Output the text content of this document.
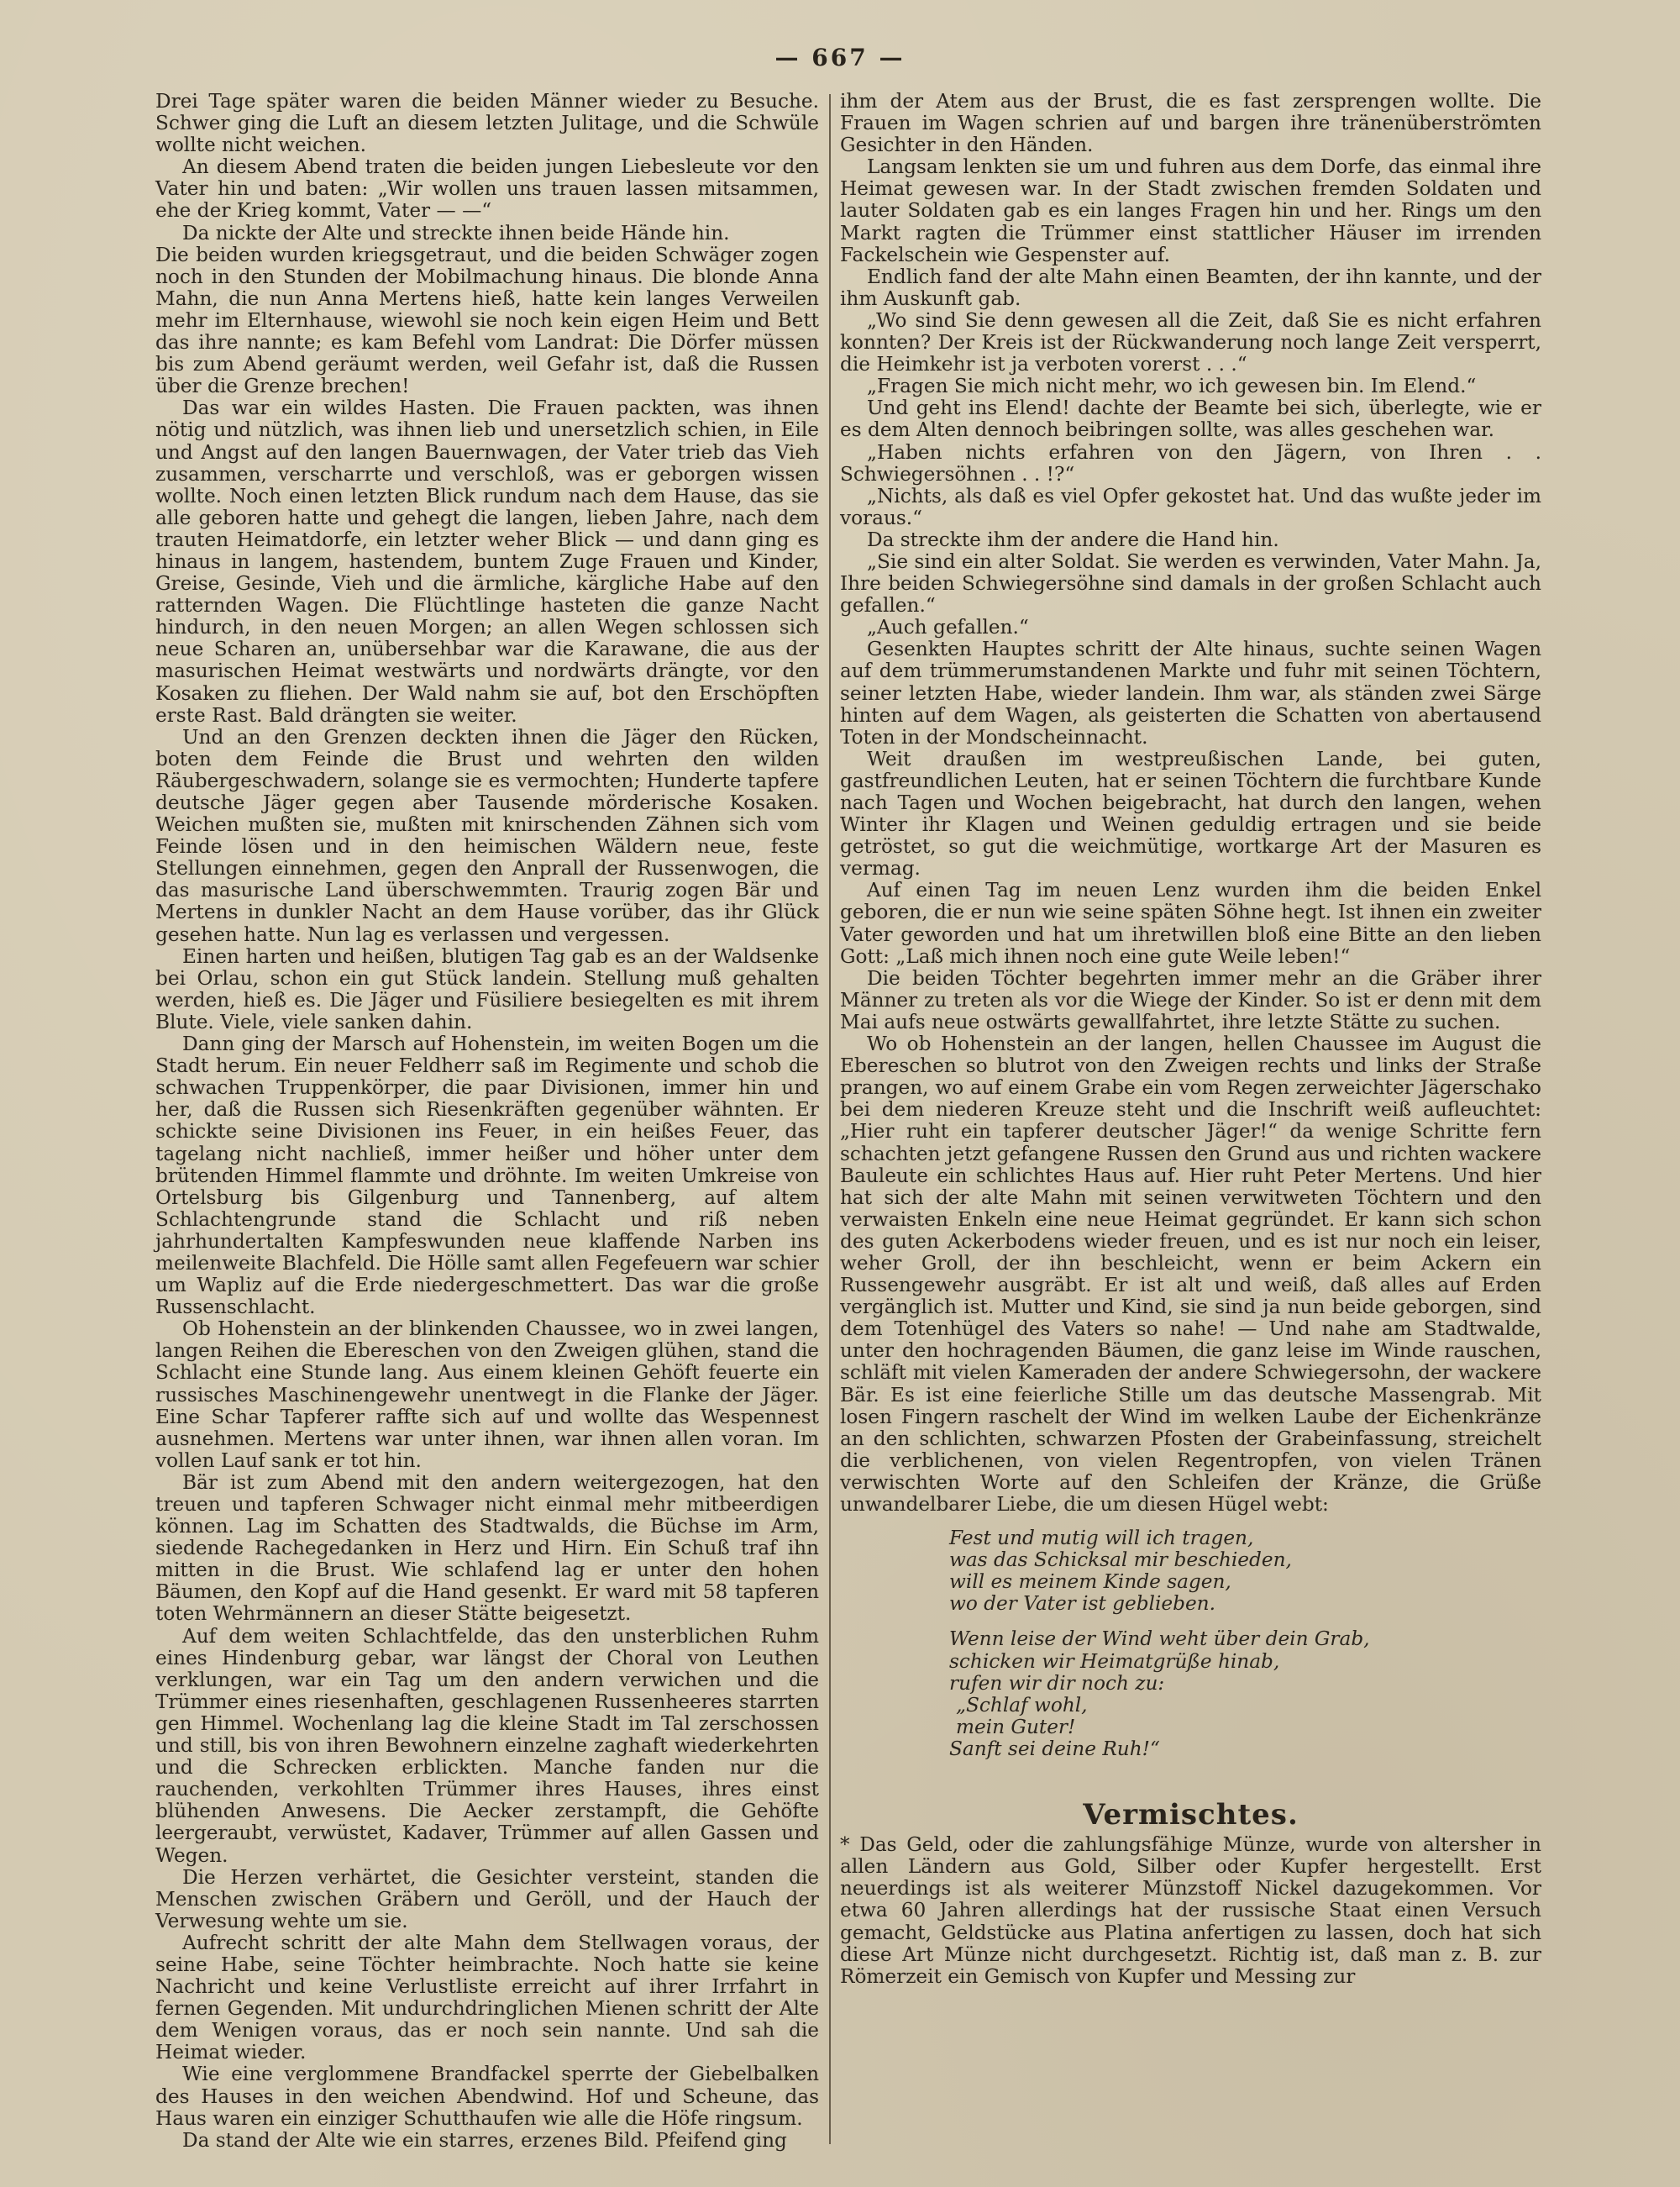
— 667 —

Drei Tage später waren die beiden Männer wieder zu Besuche. Schwer ging die Luft an diesem letzten Julitage, und die Schwüle wollte nicht weichen.

An diesem Abend traten die beiden jungen Liebesleute vor den Vater hin und baten: „Wir wollen uns trauen lassen mitsammen, ehe der Krieg kommt, Vater — —“

Da nickte der Alte und streckte ihnen beide Hände hin.

Die beiden wurden kriegsgetraut, und die beiden Schwäger zogen noch in den Stunden der Mobilmachung hinaus. Die blonde Anna Mahn, die nun Anna Mertens hieß, hatte kein langes Verweilen mehr im Elternhause, wiewohl sie noch kein eigen Heim und Bett das ihre nannte; es kam Befehl vom Landrat: Die Dörfer müssen bis zum Abend geräumt werden, weil Gefahr ist, daß die Russen über die Grenze brechen!

Das war ein wildes Hasten. Die Frauen packten, was ihnen nötig und nützlich, was ihnen lieb und unersetzlich schien, in Eile und Angst auf den langen Bauernwagen, der Vater trieb das Vieh zusammen, verscharrte und verschloß, was er geborgen wissen wollte. Noch einen letzten Blick rundum nach dem Hause, das sie alle geboren hatte und gehegt die langen, lieben Jahre, nach dem trauten Heimatdorfe, ein letzter weher Blick — und dann ging es hinaus in langem, hastendem, buntem Zuge Frauen und Kinder, Greise, Gesinde, Vieh und die ärmliche, kärgliche Habe auf den ratternden Wagen. Die Flüchtlinge hasteten die ganze Nacht hindurch, in den neuen Morgen; an allen Wegen schlossen sich neue Scharen an, unübersehbar war die Karawane, die aus der masurischen Heimat westwärts und nordwärts drängte, vor den Kosaken zu fliehen. Der Wald nahm sie auf, bot den Erschöpften erste Rast. Bald drängten sie weiter.

Und an den Grenzen deckten ihnen die Jäger den Rücken, boten dem Feinde die Brust und wehrten den wilden Räubergeschwadern, solange sie es vermochten; Hunderte tapfere deutsche Jäger gegen aber Tausende mörderische Kosaken. Weichen mußten sie, mußten mit knirschenden Zähnen sich vom Feinde lösen und in den heimischen Wäldern neue, feste Stellungen einnehmen, gegen den Anprall der Russenwogen, die das masurische Land überschwemmten. Traurig zogen Bär und Mertens in dunkler Nacht an dem Hause vorüber, das ihr Glück gesehen hatte. Nun lag es verlassen und vergessen.

Einen harten und heißen, blutigen Tag gab es an der Waldsenke bei Orlau, schon ein gut Stück landein. Stellung muß gehalten werden, hieß es. Die Jäger und Füsiliere besiegelten es mit ihrem Blute. Viele, viele sanken dahin.

Dann ging der Marsch auf Hohenstein, im weiten Bogen um die Stadt herum. Ein neuer Feldherr saß im Regimente und schob die schwachen Truppenkörper, die paar Divisionen, immer hin und her, daß die Russen sich Riesenkräften gegenüber wähnten. Er schickte seine Divisionen ins Feuer, in ein heißes Feuer, das tagelang nicht nachließ, immer heißer und höher unter dem brütenden Himmel flammte und dröhnte. Im weiten Umkreise von Ortelsburg bis Gilgenburg und Tannenberg, auf altem Schlachtengrunde stand die Schlacht und riß neben jahrhundertalten Kampfeswunden neue klaffende Narben ins meilenweite Blachfeld. Die Hölle samt allen Fegefeuern war schier um Wapliz auf die Erde niedergeschmettert. Das war die große Russenschlacht.

Ob Hohenstein an der blinkenden Chaussee, wo in zwei langen, langen Reihen die Ebereschen von den Zweigen glühen, stand die Schlacht eine Stunde lang. Aus einem kleinen Gehöft feuerte ein russisches Maschinengewehr unentwegt in die Flanke der Jäger. Eine Schar Tapferer raffte sich auf und wollte das Wespennest ausnehmen. Mertens war unter ihnen, war ihnen allen voran. Im vollen Lauf sank er tot hin.

Bär ist zum Abend mit den andern weitergezogen, hat den treuen und tapferen Schwager nicht einmal mehr mitbeerdigen können. Lag im Schatten des Stadtwalds, die Büchse im Arm, siedende Rachegedanken in Herz und Hirn. Ein Schuß traf ihn mitten in die Brust. Wie schlafend lag er unter den hohen Bäumen, den Kopf auf die Hand gesenkt. Er ward mit 58 tapferen toten Wehrmännern an dieser Stätte beigesetzt.

Auf dem weiten Schlachtfelde, das den unsterblichen Ruhm eines Hindenburg gebar, war längst der Choral von Leuthen verklungen, war ein Tag um den andern verwichen und die Trümmer eines riesenhaften, geschlagenen Russenheeres starrten gen Himmel. Wochenlang lag die kleine Stadt im Tal zerschossen und still, bis von ihren Bewohnern einzelne zaghaft wiederkehrten und die Schrecken erblickten. Manche fanden nur die rauchenden, verkohlten Trümmer ihres Hauses, ihres einst blühenden Anwesens. Die Aecker zerstampft, die Gehöfte leergeraubt, verwüstet, Kadaver, Trümmer auf allen Gassen und Wegen.

Die Herzen verhärtet, die Gesichter versteint, standen die Menschen zwischen Gräbern und Geröll, und der Hauch der Verwesung wehte um sie.

Aufrecht schritt der alte Mahn dem Stellwagen voraus, der seine Habe, seine Töchter heimbrachte. Noch hatte sie keine Nachricht und keine Verlustliste erreicht auf ihrer Irrfahrt in fernen Gegenden. Mit undurchdringlichen Mienen schritt der Alte dem Wenigen voraus, das er noch sein nannte. Und sah die Heimat wieder.

Wie eine verglommene Brandfackel sperrte der Giebelbalken des Hauses in den weichen Abendwind. Hof und Scheune, das Haus waren ein einziger Schutthaufen wie alle die Höfe ringsum.

Da stand der Alte wie ein starres, erzenes Bild. Pfeifend ging

ihm der Atem aus der Brust, die es fast zersprengen wollte. Die Frauen im Wagen schrien auf und bargen ihre tränenüberströmten Gesichter in den Händen.

Langsam lenkten sie um und fuhren aus dem Dorfe, das einmal ihre Heimat gewesen war. In der Stadt zwischen fremden Soldaten und lauter Soldaten gab es ein langes Fragen hin und her. Rings um den Markt ragten die Trümmer einst stattlicher Häuser im irrenden Fackelschein wie Gespenster auf.

Endlich fand der alte Mahn einen Beamten, der ihn kannte, und der ihm Auskunft gab.

„Wo sind Sie denn gewesen all die Zeit, daß Sie es nicht erfahren konnten? Der Kreis ist der Rückwanderung noch lange Zeit versperrt, die Heimkehr ist ja verboten vorerst . . .“

„Fragen Sie mich nicht mehr, wo ich gewesen bin. Im Elend.“

Und geht ins Elend! dachte der Beamte bei sich, überlegte, wie er es dem Alten dennoch beibringen sollte, was alles geschehen war.

„Haben nichts erfahren von den Jägern, von Ihren . . Schwiegersöhnen . . !?“

„Nichts, als daß es viel Opfer gekostet hat. Und das wußte jeder im voraus.“

Da streckte ihm der andere die Hand hin.

„Sie sind ein alter Soldat. Sie werden es verwinden, Vater Mahn. Ja, Ihre beiden Schwiegersöhne sind damals in der großen Schlacht auch gefallen.“

„Auch gefallen.“

Gesenkten Hauptes schritt der Alte hinaus, suchte seinen Wagen auf dem trümmerumstandenen Markte und fuhr mit seinen Töchtern, seiner letzten Habe, wieder landein. Ihm war, als ständen zwei Särge hinten auf dem Wagen, als geisterten die Schatten von abertausend Toten in der Mondscheinnacht.

Weit draußen im westpreußischen Lande, bei guten, gastfreundlichen Leuten, hat er seinen Töchtern die furchtbare Kunde nach Tagen und Wochen beigebracht, hat durch den langen, wehen Winter ihr Klagen und Weinen geduldig ertragen und sie beide getröstet, so gut die weichmütige, wortkarge Art der Masuren es vermag.

Auf einen Tag im neuen Lenz wurden ihm die beiden Enkel geboren, die er nun wie seine späten Söhne hegt. Ist ihnen ein zweiter Vater geworden und hat um ihretwillen bloß eine Bitte an den lieben Gott: „Laß mich ihnen noch eine gute Weile leben!“

Die beiden Töchter begehrten immer mehr an die Gräber ihrer Männer zu treten als vor die Wiege der Kinder. So ist er denn mit dem Mai aufs neue ostwärts gewallfahrtet, ihre letzte Stätte zu suchen.

Wo ob Hohenstein an der langen, hellen Chaussee im August die Ebereschen so blutrot von den Zweigen rechts und links der Straße prangen, wo auf einem Grabe ein vom Regen zerweichter Jägerschako bei dem niederen Kreuze steht und die Inschrift weiß aufleuchtet: „Hier ruht ein tapferer deutscher Jäger!“ da wenige Schritte fern schachten jetzt gefangene Russen den Grund aus und richten wackere Bauleute ein schlichtes Haus auf. Hier ruht Peter Mertens. Und hier hat sich der alte Mahn mit seinen verwitweten Töchtern und den verwaisten Enkeln eine neue Heimat gegründet. Er kann sich schon des guten Ackerbodens wieder freuen, und es ist nur noch ein leiser, weher Groll, der ihn beschleicht, wenn er beim Ackern ein Russengewehr ausgräbt. Er ist alt und weiß, daß alles auf Erden vergänglich ist. Mutter und Kind, sie sind ja nun beide geborgen, sind dem Totenhügel des Vaters so nahe! — Und nahe am Stadtwalde, unter den hochragenden Bäumen, die ganz leise im Winde rauschen, schläft mit vielen Kameraden der andere Schwiegersohn, der wackere Bär. Es ist eine feierliche Stille um das deutsche Massengrab. Mit losen Fingern raschelt der Wind im welken Laube der Eichenkränze an den schlichten, schwarzen Pfosten der Grabeinfassung, streichelt die verblichenen, von vielen Regentropfen, von vielen Tränen verwischten Worte auf den Schleifen der Kränze, die Grüße unwandelbarer Liebe, die um diesen Hügel webt:

Fest und mutig will ich tragen,
was das Schicksal mir beschieden,
will es meinem Kinde sagen,
wo der Vater ist geblieben.
Wenn leise der Wind weht über dein Grab,
schicken wir Heimatgrüße hinab,
rufen wir dir noch zu:
„Schlaf wohl,
mein Guter!
Sanft sei deine Ruh!“
Vermischtes.

* Das Geld, oder die zahlungsfähige Münze, wurde von altersher in allen Ländern aus Gold, Silber oder Kupfer hergestellt. Erst neuerdings ist als weiterer Münzstoff Nickel dazugekommen. Vor etwa 60 Jahren allerdings hat der russische Staat einen Versuch gemacht, Geldstücke aus Platina anfertigen zu lassen, doch hat sich diese Art Münze nicht durchgesetzt. Richtig ist, daß man z. B. zur Römerzeit ein Gemisch von Kupfer und Messing zur
